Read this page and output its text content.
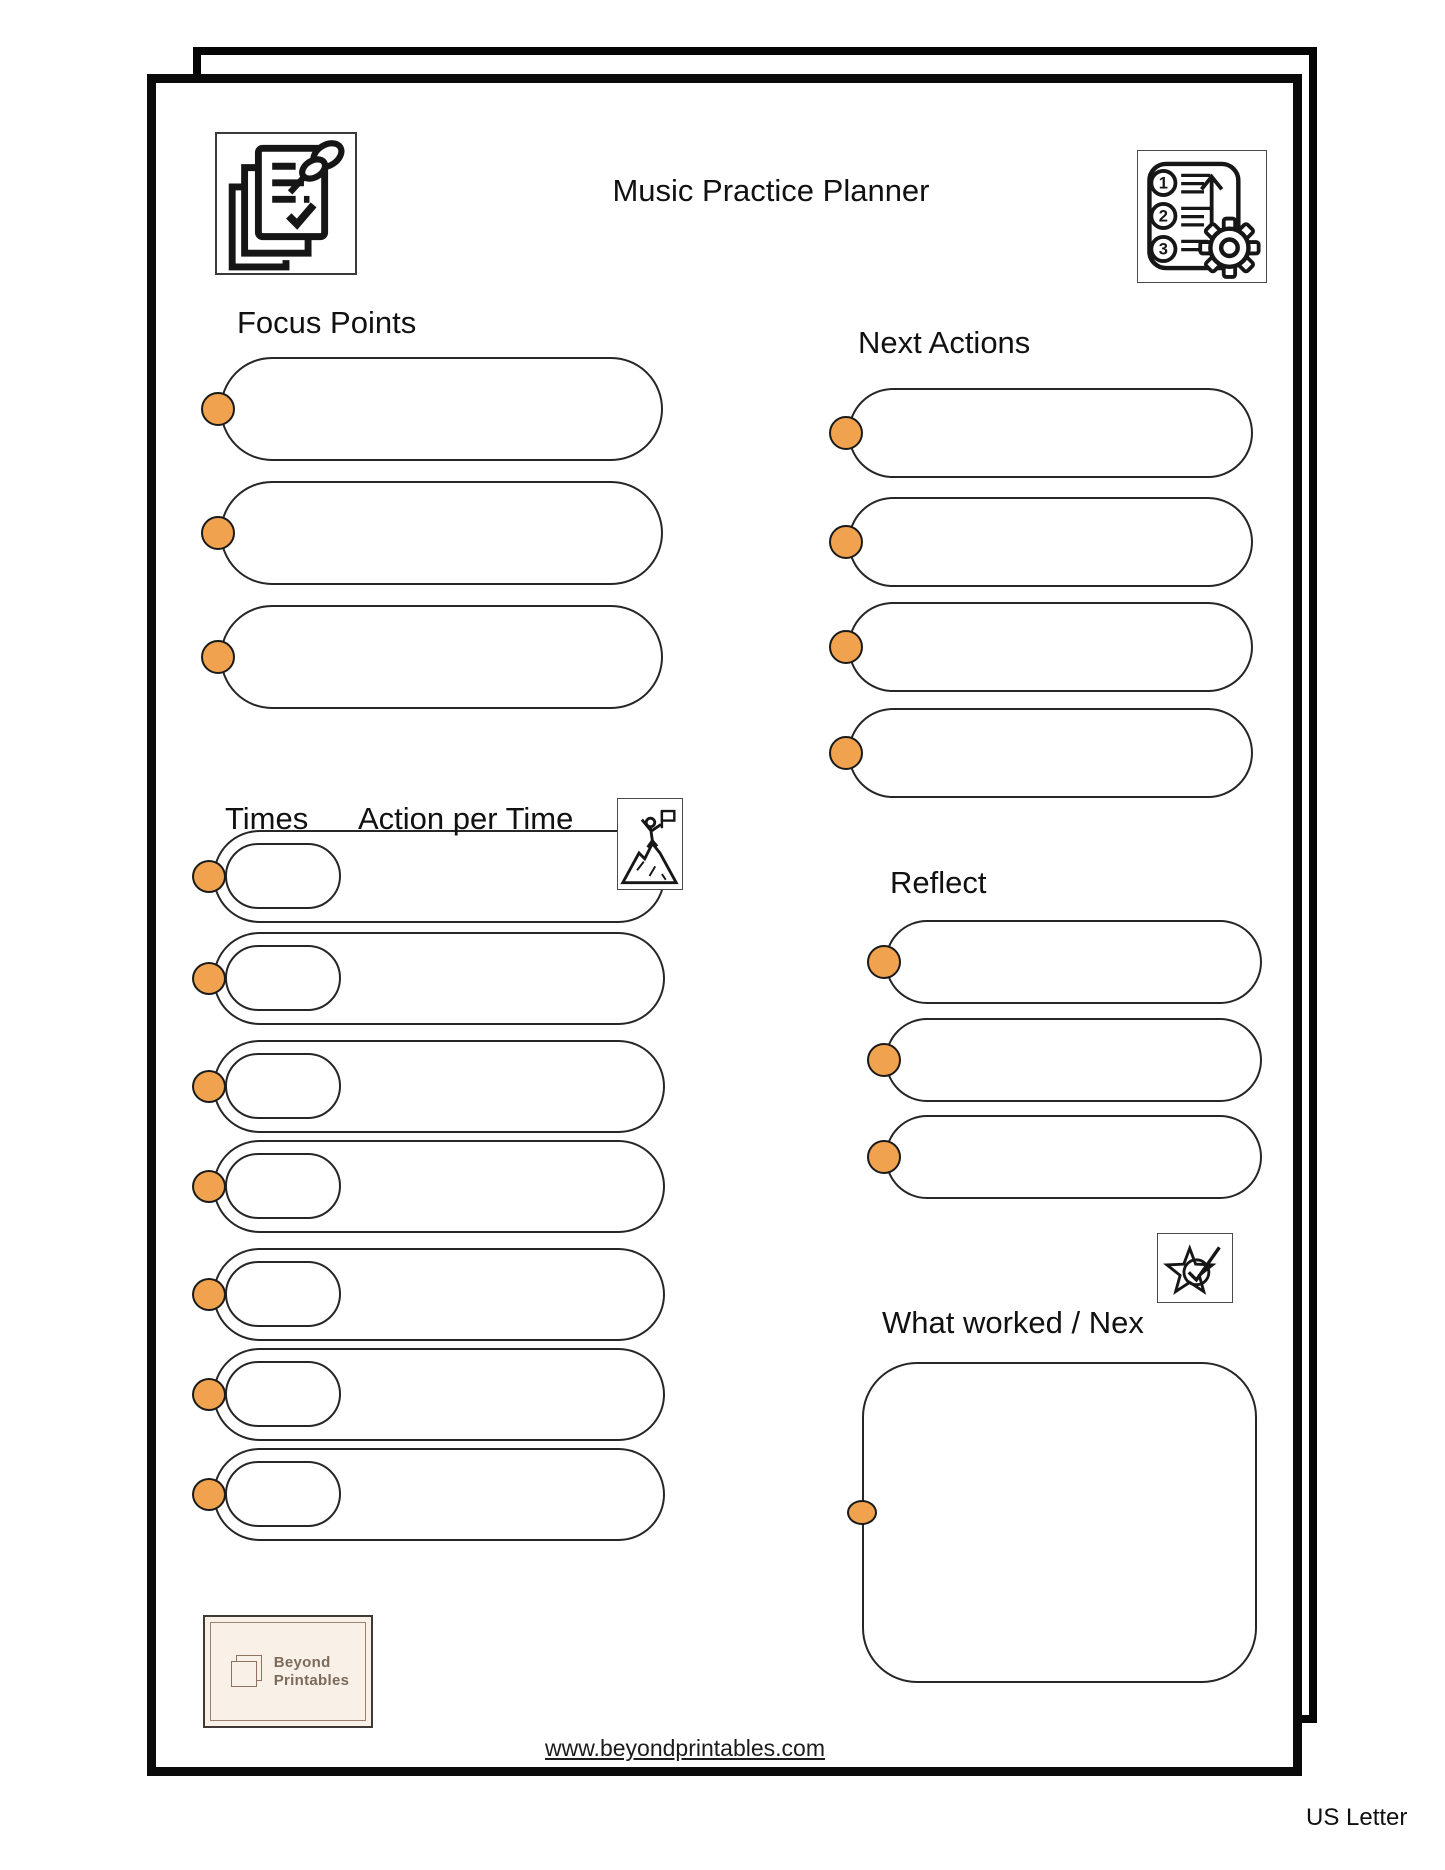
Music Practice Planner	1
2
3
Focus Points
Next Actions
Times Action per Time
Reflect
What worked / Nex
Beyond
Printables
www.beyondprintables.com
US Letter
